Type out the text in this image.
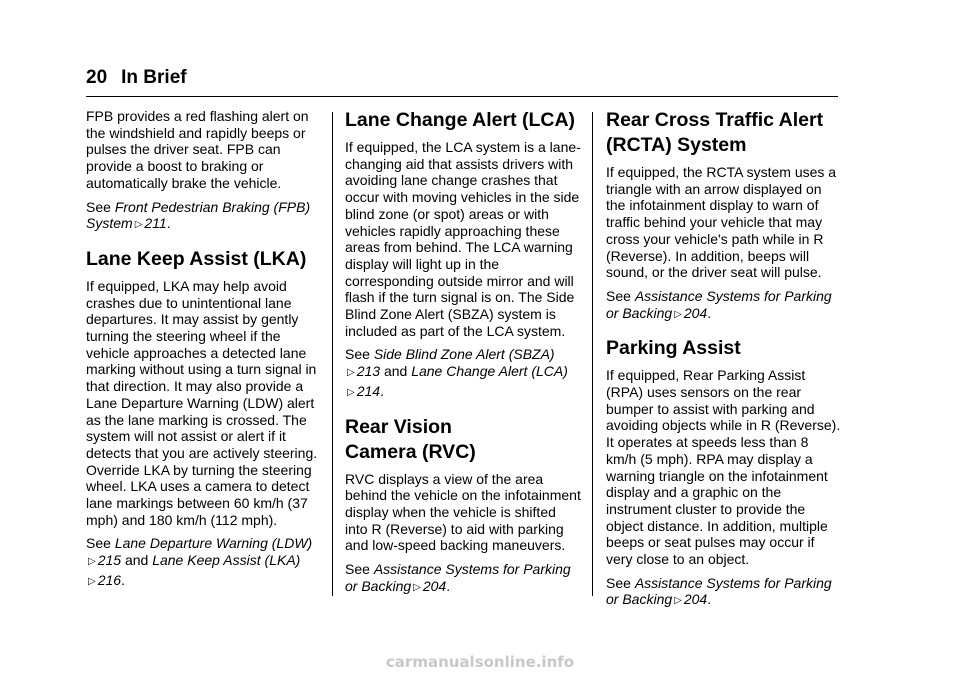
20 In Brief

FPB provides a red flashing alert on the windshield and rapidly beeps or pulses the driver seat. FPB can provide a boost to braking or automatically brake the vehicle.

See Front Pedestrian Braking (FPB) System ▷ 211.

Lane Keep Assist (LKA)

If equipped, LKA may help avoid crashes due to unintentional lane departures. It may assist by gently turning the steering wheel if the vehicle approaches a detected lane marking without using a turn signal in that direction. It may also provide a Lane Departure Warning (LDW) alert as the lane marking is crossed. The system will not assist or alert if it detects that you are actively steering. Override LKA by turning the steering wheel. LKA uses a camera to detect lane markings between 60 km/h (37 mph) and 180 km/h (112 mph).

See Lane Departure Warning (LDW)
▷ 215 and Lane Keep Assist (LKA)
▷ 216.

Lane Change Alert (LCA)

If equipped, the LCA system is a lane-changing aid that assists drivers with avoiding lane change crashes that occur with moving vehicles in the side blind zone (or spot) areas or with vehicles rapidly approaching these areas from behind. The LCA warning display will light up in the corresponding outside mirror and will flash if the turn signal is on. The Side Blind Zone Alert (SBZA) system is included as part of the LCA system.

See Side Blind Zone Alert (SBZA)
▷ 213 and Lane Change Alert (LCA)
▷ 214.

Rear Vision
Camera (RVC)

RVC displays a view of the area behind the vehicle on the infotainment display when the vehicle is shifted into R (Reverse) to aid with parking and low-speed backing maneuvers.

See Assistance Systems for Parking or Backing ▷ 204.

Rear Cross Traffic Alert
(RCTA) System

If equipped, the RCTA system uses a triangle with an arrow displayed on the infotainment display to warn of traffic behind your vehicle that may cross your vehicle's path while in R (Reverse). In addition, beeps will sound, or the driver seat will pulse.

See Assistance Systems for Parking or Backing ▷ 204.

Parking Assist

If equipped, Rear Parking Assist (RPA) uses sensors on the rear bumper to assist with parking and avoiding objects while in R (Reverse). It operates at speeds less than 8 km/h (5 mph). RPA may display a warning triangle on the infotainment display and a graphic on the instrument cluster to provide the object distance. In addition, multiple beeps or seat pulses may occur if very close to an object.

See Assistance Systems for Parking or Backing ▷ 204.

carmanualsonline.info
